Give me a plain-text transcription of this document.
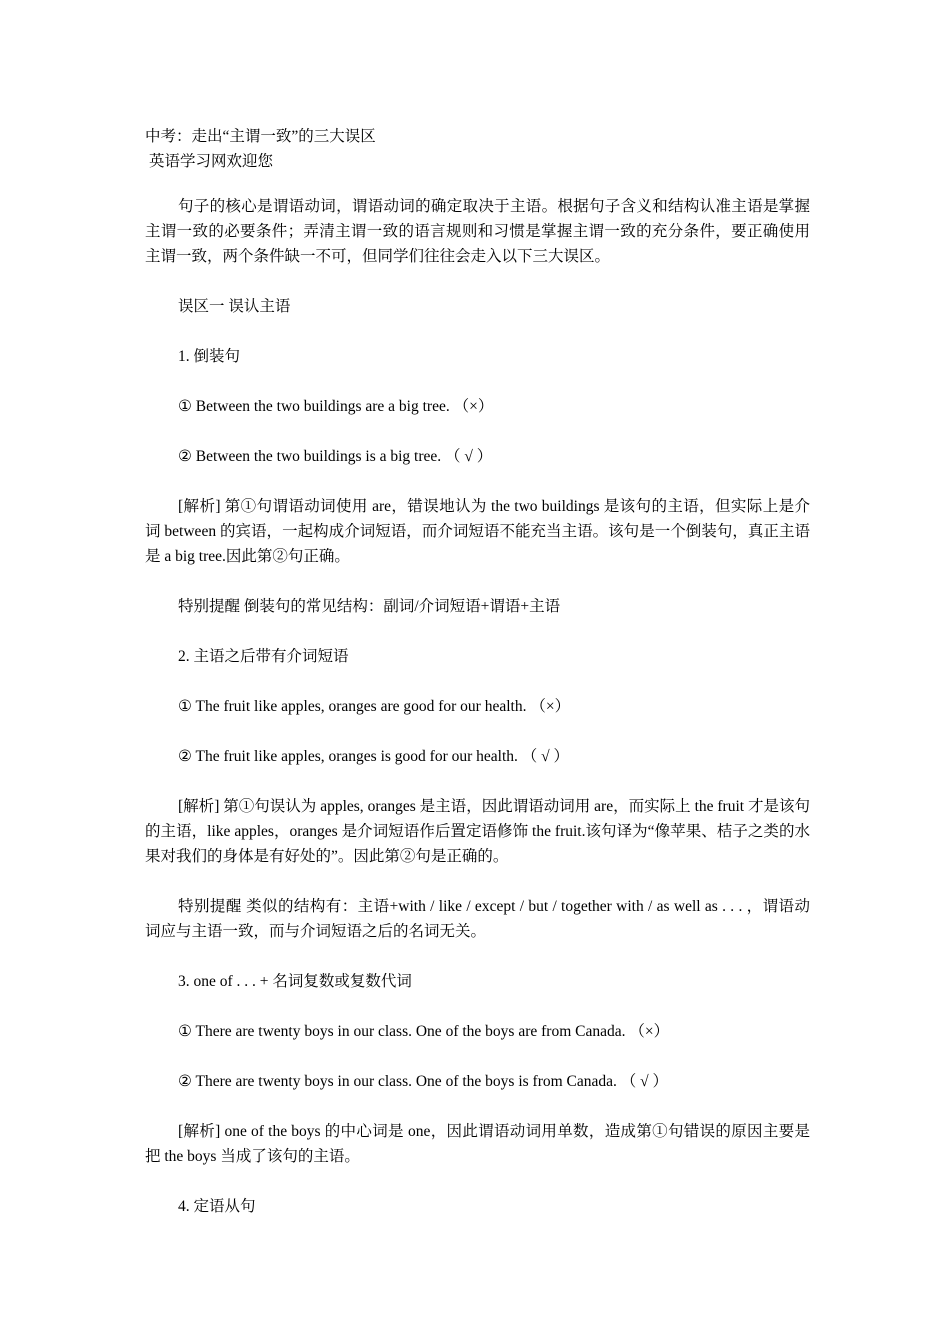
中考：走出“主谓一致”的三大误区

英语学习网欢迎您

句子的核心是谓语动词，谓语动词的确定取决于主语。根据句子含义和结构认准主语是掌握主谓一致的必要条件；弄清主谓一致的语言规则和习惯是掌握主谓一致的充分条件，要正确使用主谓一致，两个条件缺一不可，但同学们往往会走入以下三大误区。

误区一 误认主语

1. 倒装句

① Between the two buildings are a big tree. （×）

② Between the two buildings is a big tree. （ √ ）

[解析] 第①句谓语动词使用 are，错误地认为 the two buildings 是该句的主语，但实际上是介词 between 的宾语，一起构成介词短语，而介词短语不能充当主语。该句是一个倒装句，真正主语是 a big tree.因此第②句正确。

特别提醒 倒装句的常见结构：副词/介词短语+谓语+主语

2. 主语之后带有介词短语

① The fruit like apples, oranges are good for our health. （×）

② The fruit like apples, oranges is good for our health. （ √ ）

[解析] 第①句误认为 apples, oranges 是主语，因此谓语动词用 are，而实际上 the fruit 才是该句的主语，like apples，oranges 是介词短语作后置定语修饰 the fruit.该句译为“像苹果、桔子之类的水果对我们的身体是有好处的”。因此第②句是正确的。

特别提醒 类似的结构有：主语+with / like / except / but / together with / as well as . . . ，谓语动词应与主语一致，而与介词短语之后的名词无关。

3. one of . . . + 名词复数或复数代词

① There are twenty boys in our class. One of the boys are from Canada. （×）

② There are twenty boys in our class. One of the boys is from Canada. （ √ ）

[解析] one of the boys 的中心词是 one，因此谓语动词用单数，造成第①句错误的原因主要是把 the boys 当成了该句的主语。

4. 定语从句
